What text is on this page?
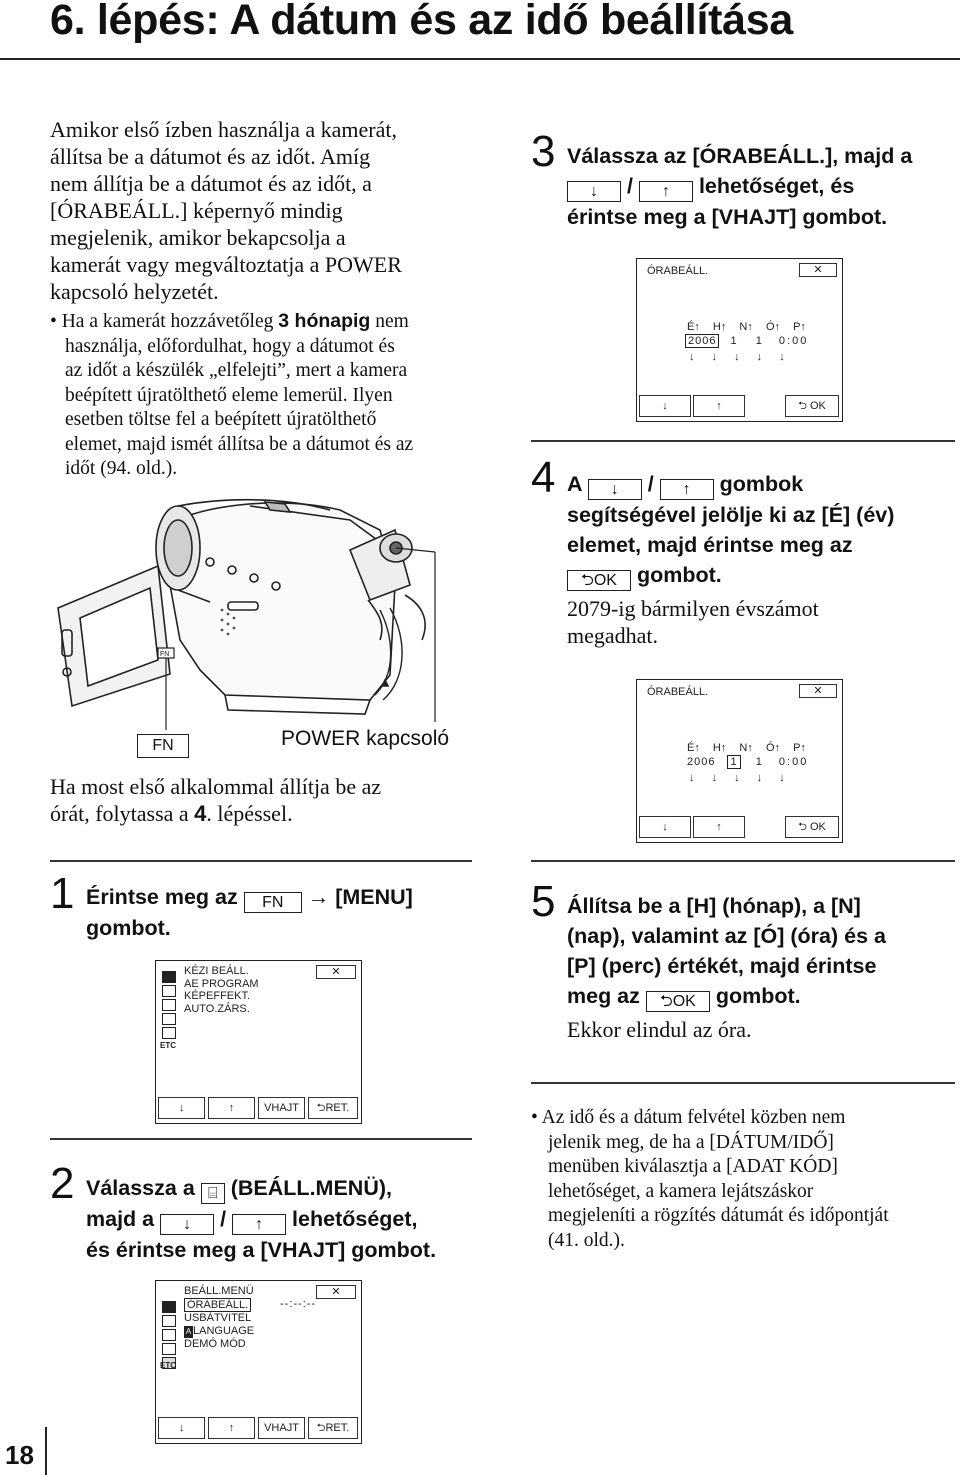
6. lépés: A dátum és az idő beállítása
Amikor első ízben használja a kamerát,
állítsa be a dátumot és az időt. Amíg
nem állítja be a dátumot és az időt, a
[ÓRABEÁLL.] képernyő mindig
megjelenik, amikor bekapcsolja a
kamerát vagy megváltoztatja a POWER
kapcsoló helyzetét.
• Ha a kamerát hozzávetőleg 3 hónapig nem
használja, előfordulhat, hogy a dátumot és
az időt a készülék „elfelejti”, mert a kamera
beépített újratölthető eleme lemerül. Ilyen
esetben töltse fel a beépített újratölthető
elemet, majd ismét állítsa be a dátumot és az
időt (94. old.).
FN
FN	POWER kapcsoló
Ha most első alkalommal állítja be az
órát, folytassa a 4. lépéssel.
1 Érintse meg az FN → [MENU]
gombot.
ETC
KÉZI BEÁLL.
AE PROGRAM
KÉPEFFEKT.
AUTO.ZÁRS.
✕
↓	↑	VHAJT	⮌RET.
2 Válassza a ⌸ (BEÁLL.MENÜ),
majd a ↓ / ↑ lehetőséget,
és érintse meg a [VHAJT] gombot.
ETC
BEÁLL.MENÜ
ÓRABEÁLL.
USBÁTVITEL
A LANGUAGE
DEMÓ MÓD
--:--:--
✕
↓	↑	VHAJT	⮌RET.
18
3 Válassza az [ÓRABEÁLL.], majd a
↓ / ↑ lehetőséget, és
érintse meg a [VHAJT] gombot.
ÓRABEÁLL.	✕
É↑ H↑ N↑ Ó↑ P↑
2006 1 1 0:00
↓ ↓ ↓ ↓ ↓
↓	↑	⮌ OK
4 A ↓ / ↑ gombok
segítségével jelölje ki az [É] (év)
elemet, majd érintse meg az
⮌OK gombot.
2079-ig bármilyen évszámot
megadhat.
ÓRABEÁLL.	✕
É↑ H↑ N↑ Ó↑ P↑
2006 1 1 0:00
↓ ↓ ↓ ↓ ↓
↓	↑	⮌ OK
5 Állítsa be a [H] (hónap), a [N]
(nap), valamint az [Ó] (óra) és a
[P] (perc) értékét, majd érintse
meg az ⮌OK gombot.
Ekkor elindul az óra.
• Az idő és a dátum felvétel közben nem
jelenik meg, de ha a [DÁTUM/IDŐ]
menüben kiválasztja a [ADAT KÓD]
lehetőséget, a kamera lejátszáskor
megjeleníti a rögzítés dátumát és időpontját
(41. old.).
